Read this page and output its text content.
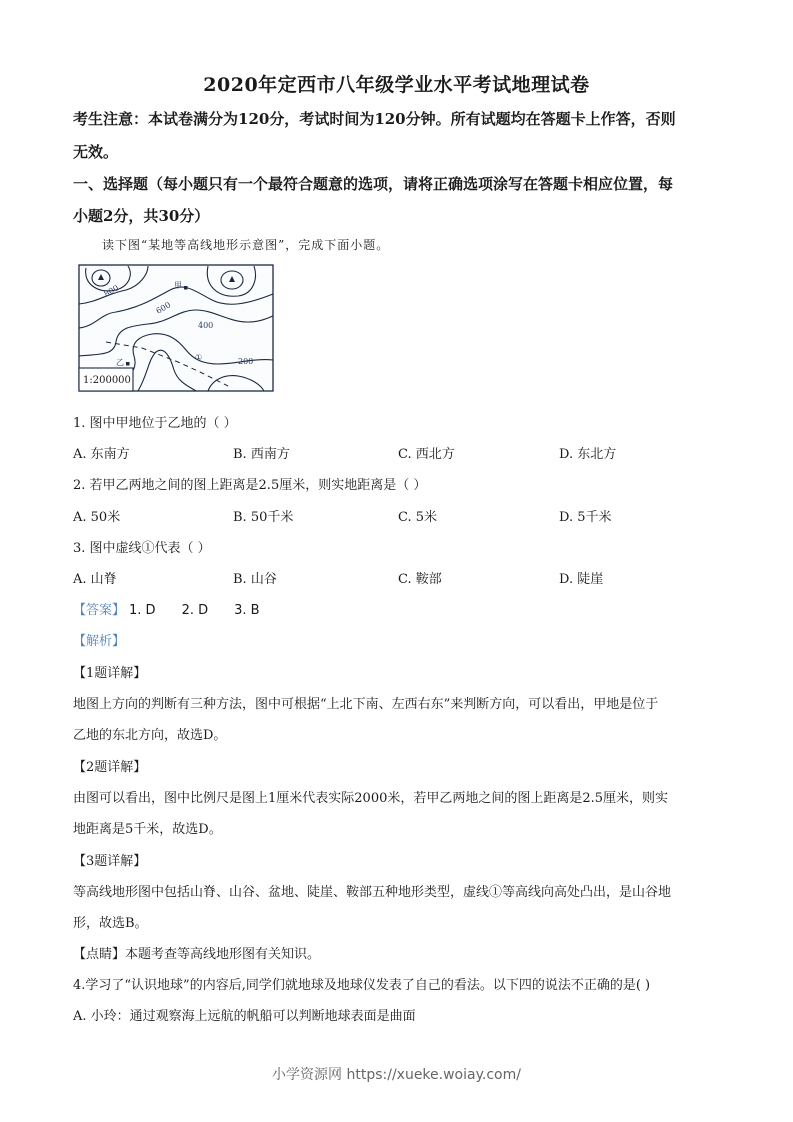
2020年定西市八年级学业水平考试地理试卷
考生注意：本试卷满分为120分，考试时间为120分钟。所有试题均在答题卡上作答，否则
无效。
一、选择题（每小题只有一个最符合题意的选项，请将正确选项涂写在答题卡相应位置，每
小题2分，共30分）
读下图“某地等高线地形示意图”，完成下面小题。
甲
乙
800
600
400
200
①
1:200000
1. 图中甲地位于乙地的（ ）
A. 东南方	B. 西南方	C. 西北方	D. 东北方
2. 若甲乙两地之间的图上距离是2.5厘米，则实地距离是（ ）
A. 50米	B. 50千米	C. 5米	D. 5千米
3. 图中虚线①代表（ ）
A. 山脊	B. 山谷	C. 鞍部	D. 陡崖
【答案】 1. D 2. D 3. B
【解析】
【1题详解】
地图上方向的判断有三种方法，图中可根据“上北下南、左西右东”来判断方向，可以看出，甲地是位于
乙地的东北方向，故选D。
【2题详解】
由图可以看出，图中比例尺是图上1厘米代表实际2000米，若甲乙两地之间的图上距离是2.5厘米，则实
地距离是5千米，故选D。
【3题详解】
等高线地形图中包括山脊、山谷、盆地、陡崖、鞍部五种地形类型，虚线①等高线向高处凸出，是山谷地
形，故选B。
【点睛】本题考查等高线地形图有关知识。
4.学习了“认识地球”的内容后,同学们就地球及地球仪发表了自己的看法。以下四的说法不正确的是( )
A. 小玲：通过观察海上远航的帆船可以判断地球表面是曲面
小学资源网 https://xueke.woiay.com/
